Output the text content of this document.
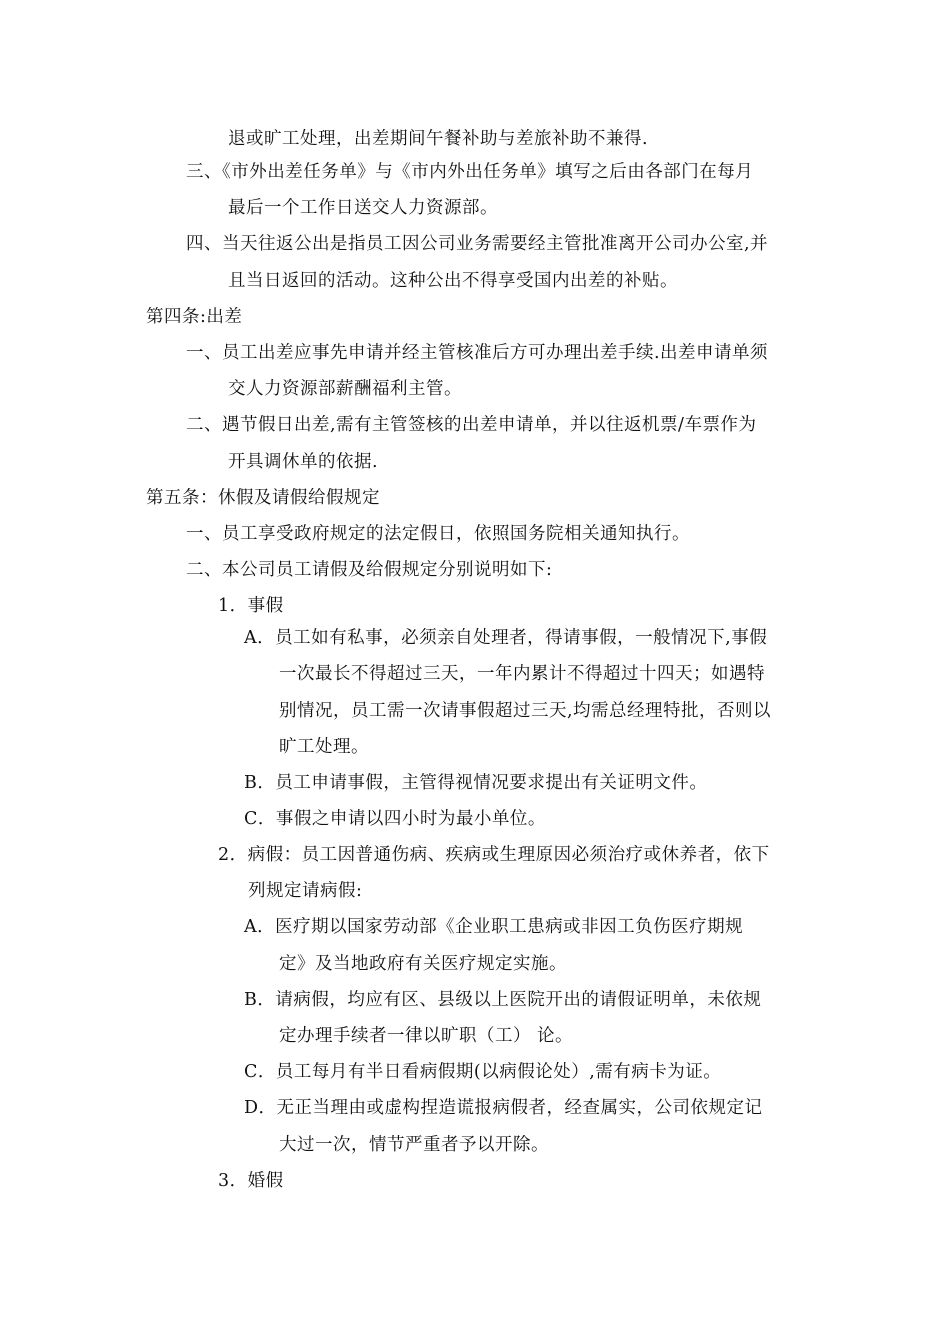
退或旷工处理，出差期间午餐补助与差旅补助不兼得.
三、《市外出差任务单》与《市内外出任务单》填写之后由各部门在每月
最后一个工作日送交人力资源部。
四、当天往返公出是指员工因公司业务需要经主管批准离开公司办公室,并
且当日返回的活动。这种公出不得享受国内出差的补贴。
第四条:出差
一、员工出差应事先申请并经主管核准后方可办理出差手续.出差申请单须
交人力资源部薪酬福利主管。
二、遇节假日出差,需有主管签核的出差申请单，并以往返机票/车票作为
开具调休单的依据.
第五条：休假及请假给假规定
一、员工享受政府规定的法定假日，依照国务院相关通知执行。
二、本公司员工请假及给假规定分别说明如下:
1．事假
A．员工如有私事，必须亲自处理者，得请事假，一般情况下,事假
一次最长不得超过三天，一年内累计不得超过十四天；如遇特
别情况，员工需一次请事假超过三天,均需总经理特批，否则以
旷工处理。
B．员工申请事假，主管得视情况要求提出有关证明文件。
C．事假之申请以四小时为最小单位。
2．病假：员工因普通伤病、疾病或生理原因必须治疗或休养者，依下
列规定请病假:
A．医疗期以国家劳动部《企业职工患病或非因工负伤医疗期规
定》及当地政府有关医疗规定实施。
B．请病假，均应有区、县级以上医院开出的请假证明单，未依规
定办理手续者一律以旷职（工） 论。
C．员工每月有半日看病假期(以病假论处）,需有病卡为证。
D．无正当理由或虚构捏造谎报病假者，经查属实，公司依规定记
大过一次，情节严重者予以开除。
3．婚假
